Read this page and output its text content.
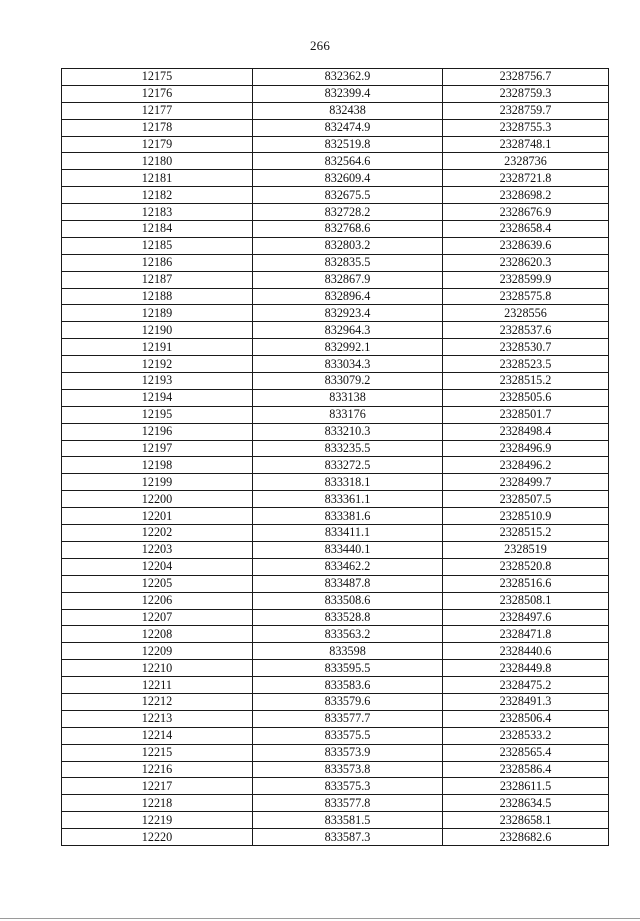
266
12175	832362.9	2328756.7
12176	832399.4	2328759.3
12177	832438	2328759.7
12178	832474.9	2328755.3
12179	832519.8	2328748.1
12180	832564.6	2328736
12181	832609.4	2328721.8
12182	832675.5	2328698.2
12183	832728.2	2328676.9
12184	832768.6	2328658.4
12185	832803.2	2328639.6
12186	832835.5	2328620.3
12187	832867.9	2328599.9
12188	832896.4	2328575.8
12189	832923.4	2328556
12190	832964.3	2328537.6
12191	832992.1	2328530.7
12192	833034.3	2328523.5
12193	833079.2	2328515.2
12194	833138	2328505.6
12195	833176	2328501.7
12196	833210.3	2328498.4
12197	833235.5	2328496.9
12198	833272.5	2328496.2
12199	833318.1	2328499.7
12200	833361.1	2328507.5
12201	833381.6	2328510.9
12202	833411.1	2328515.2
12203	833440.1	2328519
12204	833462.2	2328520.8
12205	833487.8	2328516.6
12206	833508.6	2328508.1
12207	833528.8	2328497.6
12208	833563.2	2328471.8
12209	833598	2328440.6
12210	833595.5	2328449.8
12211	833583.6	2328475.2
12212	833579.6	2328491.3
12213	833577.7	2328506.4
12214	833575.5	2328533.2
12215	833573.9	2328565.4
12216	833573.8	2328586.4
12217	833575.3	2328611.5
12218	833577.8	2328634.5
12219	833581.5	2328658.1
12220	833587.3	2328682.6
